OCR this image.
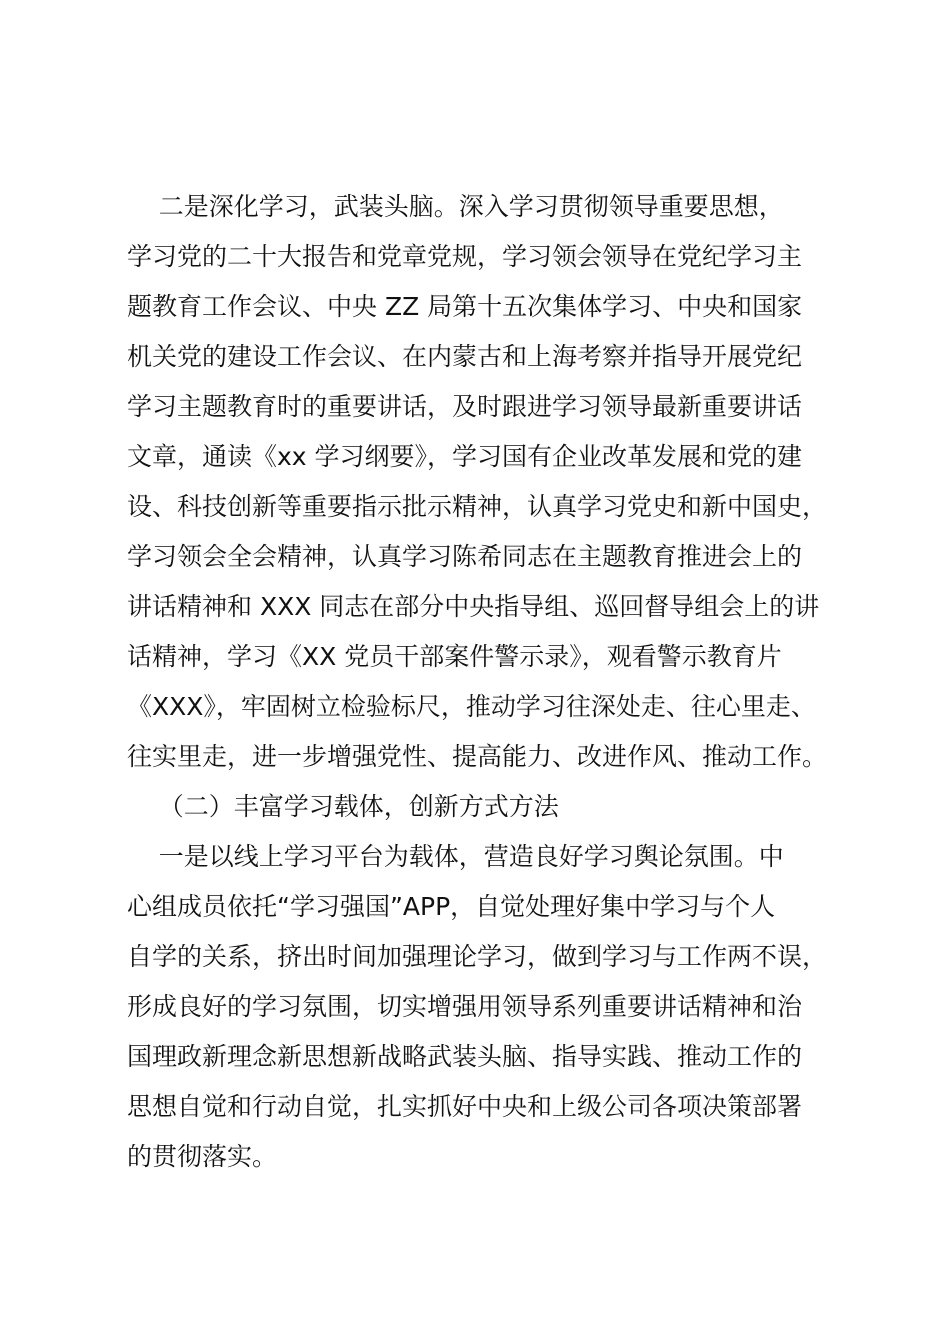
二是深化学习，武装头脑。深入学习贯彻领导重要思想，
学习党的二十大报告和党章党规，学习领会领导在党纪学习主
题教育工作会议、中央 ZZ 局第十五次集体学习、中央和国家
机关党的建设工作会议、在内蒙古和上海考察并指导开展党纪
学习主题教育时的重要讲话，及时跟进学习领导最新重要讲话
文章，通读《xx 学习纲要》，学习国有企业改革发展和党的建
设、科技创新等重要指示批示精神，认真学习党史和新中国史，
学习领会全会精神，认真学习陈希同志在主题教育推进会上的
讲话精神和 XXX 同志在部分中央指导组、巡回督导组会上的讲
话精神，学习《XX 党员干部案件警示录》，观看警示教育片
《XXX》，牢固树立检验标尺，推动学习往深处走、往心里走、
往实里走，进一步增强党性、提高能力、改进作风、推动工作。
（二）丰富学习载体，创新方式方法
一是以线上学习平台为载体，营造良好学习舆论氛围。中
心组成员依托“学习强国”APP，自觉处理好集中学习与个人
自学的关系，挤出时间加强理论学习，做到学习与工作两不误，
形成良好的学习氛围，切实增强用领导系列重要讲话精神和治
国理政新理念新思想新战略武装头脑、指导实践、推动工作的
思想自觉和行动自觉，扎实抓好中央和上级公司各项决策部署
的贯彻落实。
